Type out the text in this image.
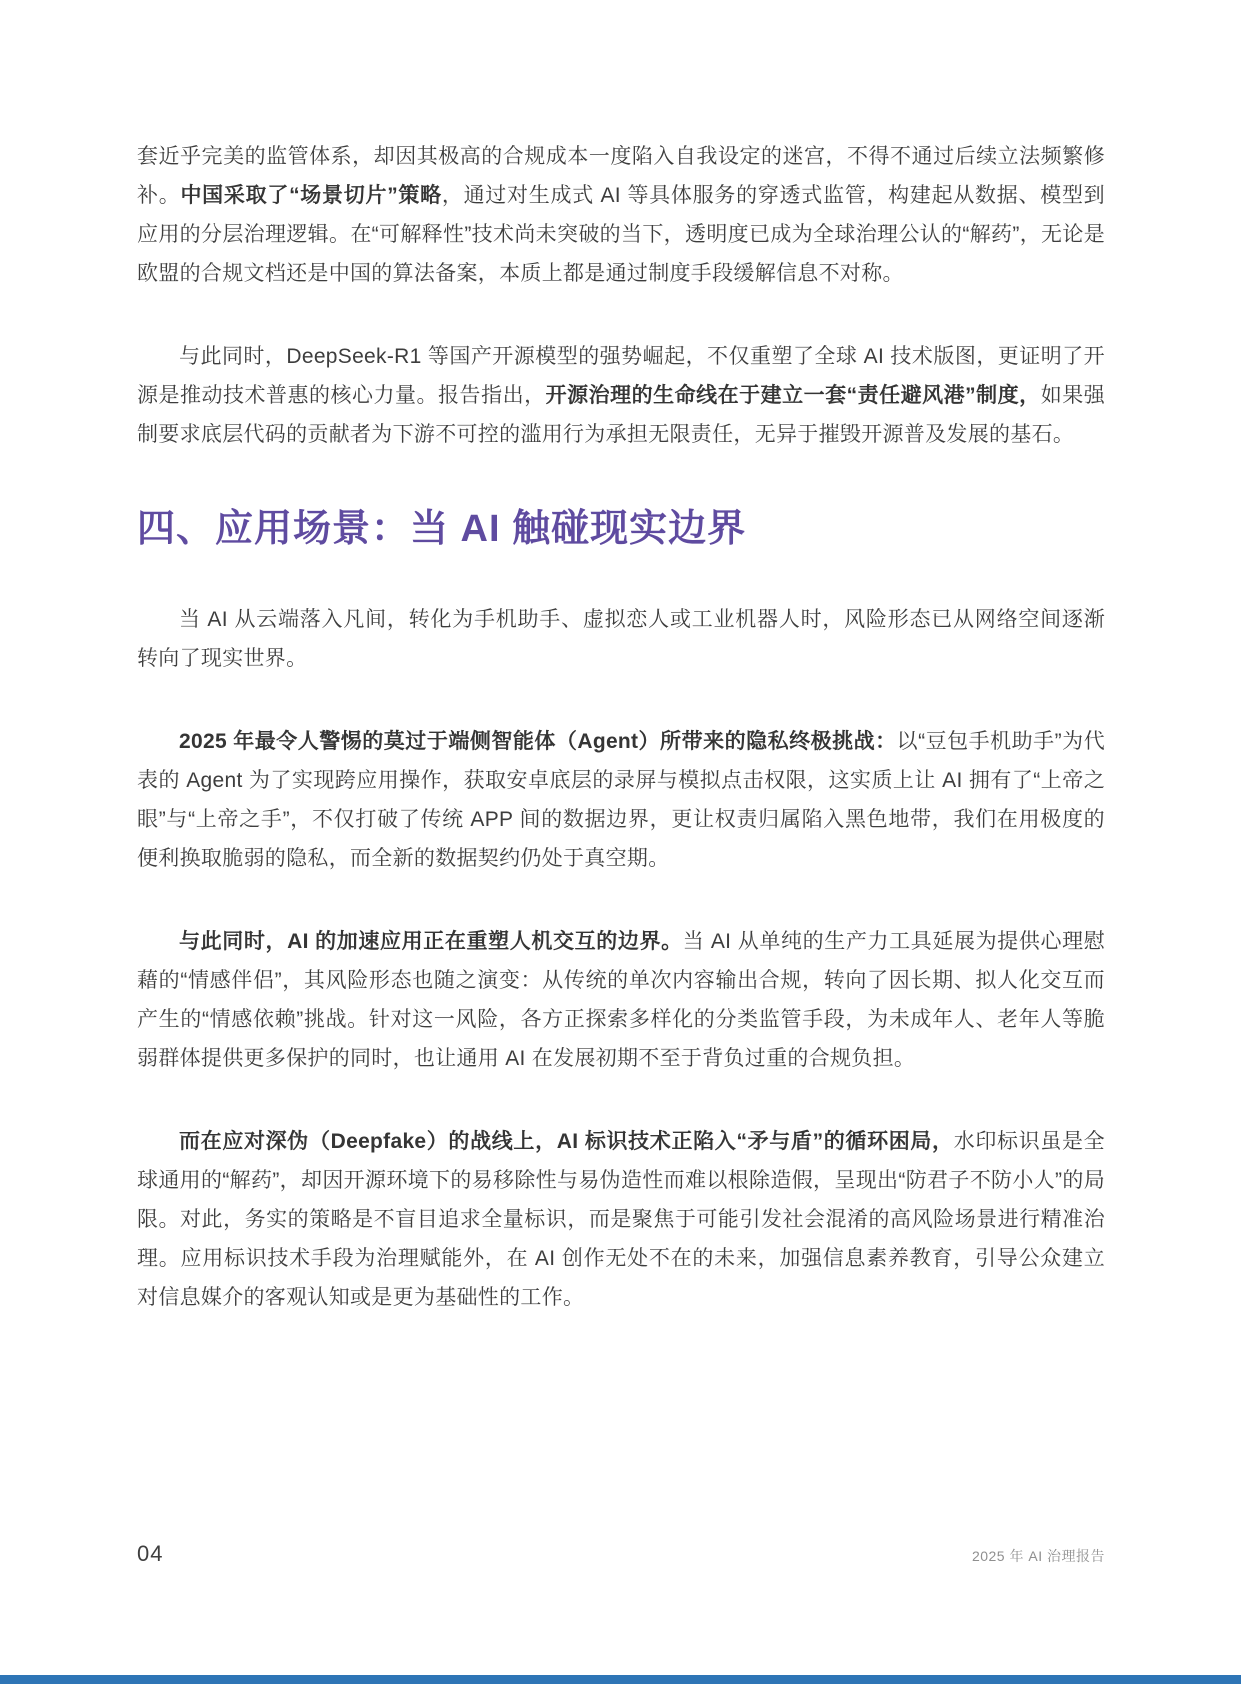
套近乎完美的监管体系，却因其极高的合规成本一度陷入自我设定的迷宫，不得不通过后续立法频繁修补。中国采取了“场景切片”策略，通过对生成式 AI 等具体服务的穿透式监管，构建起从数据、模型到应用的分层治理逻辑。在“可解释性”技术尚未突破的当下，透明度已成为全球治理公认的“解药”，无论是欧盟的合规文档还是中国的算法备案，本质上都是通过制度手段缓解信息不对称。

与此同时，DeepSeek-R1 等国产开源模型的强势崛起，不仅重塑了全球 AI 技术版图，更证明了开源是推动技术普惠的核心力量。报告指出，开源治理的生命线在于建立一套“责任避风港”制度，如果强制要求底层代码的贡献者为下游不可控的滥用行为承担无限责任，无异于摧毁开源普及发展的基石。

四、应用场景：当 AI 触碰现实边界

当 AI 从云端落入凡间，转化为手机助手、虚拟恋人或工业机器人时，风险形态已从网络空间逐渐转向了现实世界。

2025 年最令人警惕的莫过于端侧智能体（Agent）所带来的隐私终极挑战：以“豆包手机助手”为代表的 Agent 为了实现跨应用操作，获取安卓底层的录屏与模拟点击权限，这实质上让 AI 拥有了“上帝之眼”与“上帝之手”，不仅打破了传统 APP 间的数据边界，更让权责归属陷入黑色地带，我们在用极度的便利换取脆弱的隐私，而全新的数据契约仍处于真空期。

与此同时，AI 的加速应用正在重塑人机交互的边界。当 AI 从单纯的生产力工具延展为提供心理慰藉的“情感伴侣”，其风险形态也随之演变：从传统的单次内容输出合规，转向了因长期、拟人化交互而产生的“情感依赖”挑战。针对这一风险，各方正探索多样化的分类监管手段，为未成年人、老年人等脆弱群体提供更多保护的同时，也让通用 AI 在发展初期不至于背负过重的合规负担。

而在应对深伪（Deepfake）的战线上，AI 标识技术正陷入“矛与盾”的循环困局，水印标识虽是全球通用的“解药”，却因开源环境下的易移除性与易伪造性而难以根除造假，呈现出“防君子不防小人”的局限。对此，务实的策略是不盲目追求全量标识，而是聚焦于可能引发社会混淆的高风险场景进行精准治理。应用标识技术手段为治理赋能外，在 AI 创作无处不在的未来，加强信息素养教育，引导公众建立对信息媒介的客观认知或是更为基础性的工作。

04	2025 年 AI 治理报告
